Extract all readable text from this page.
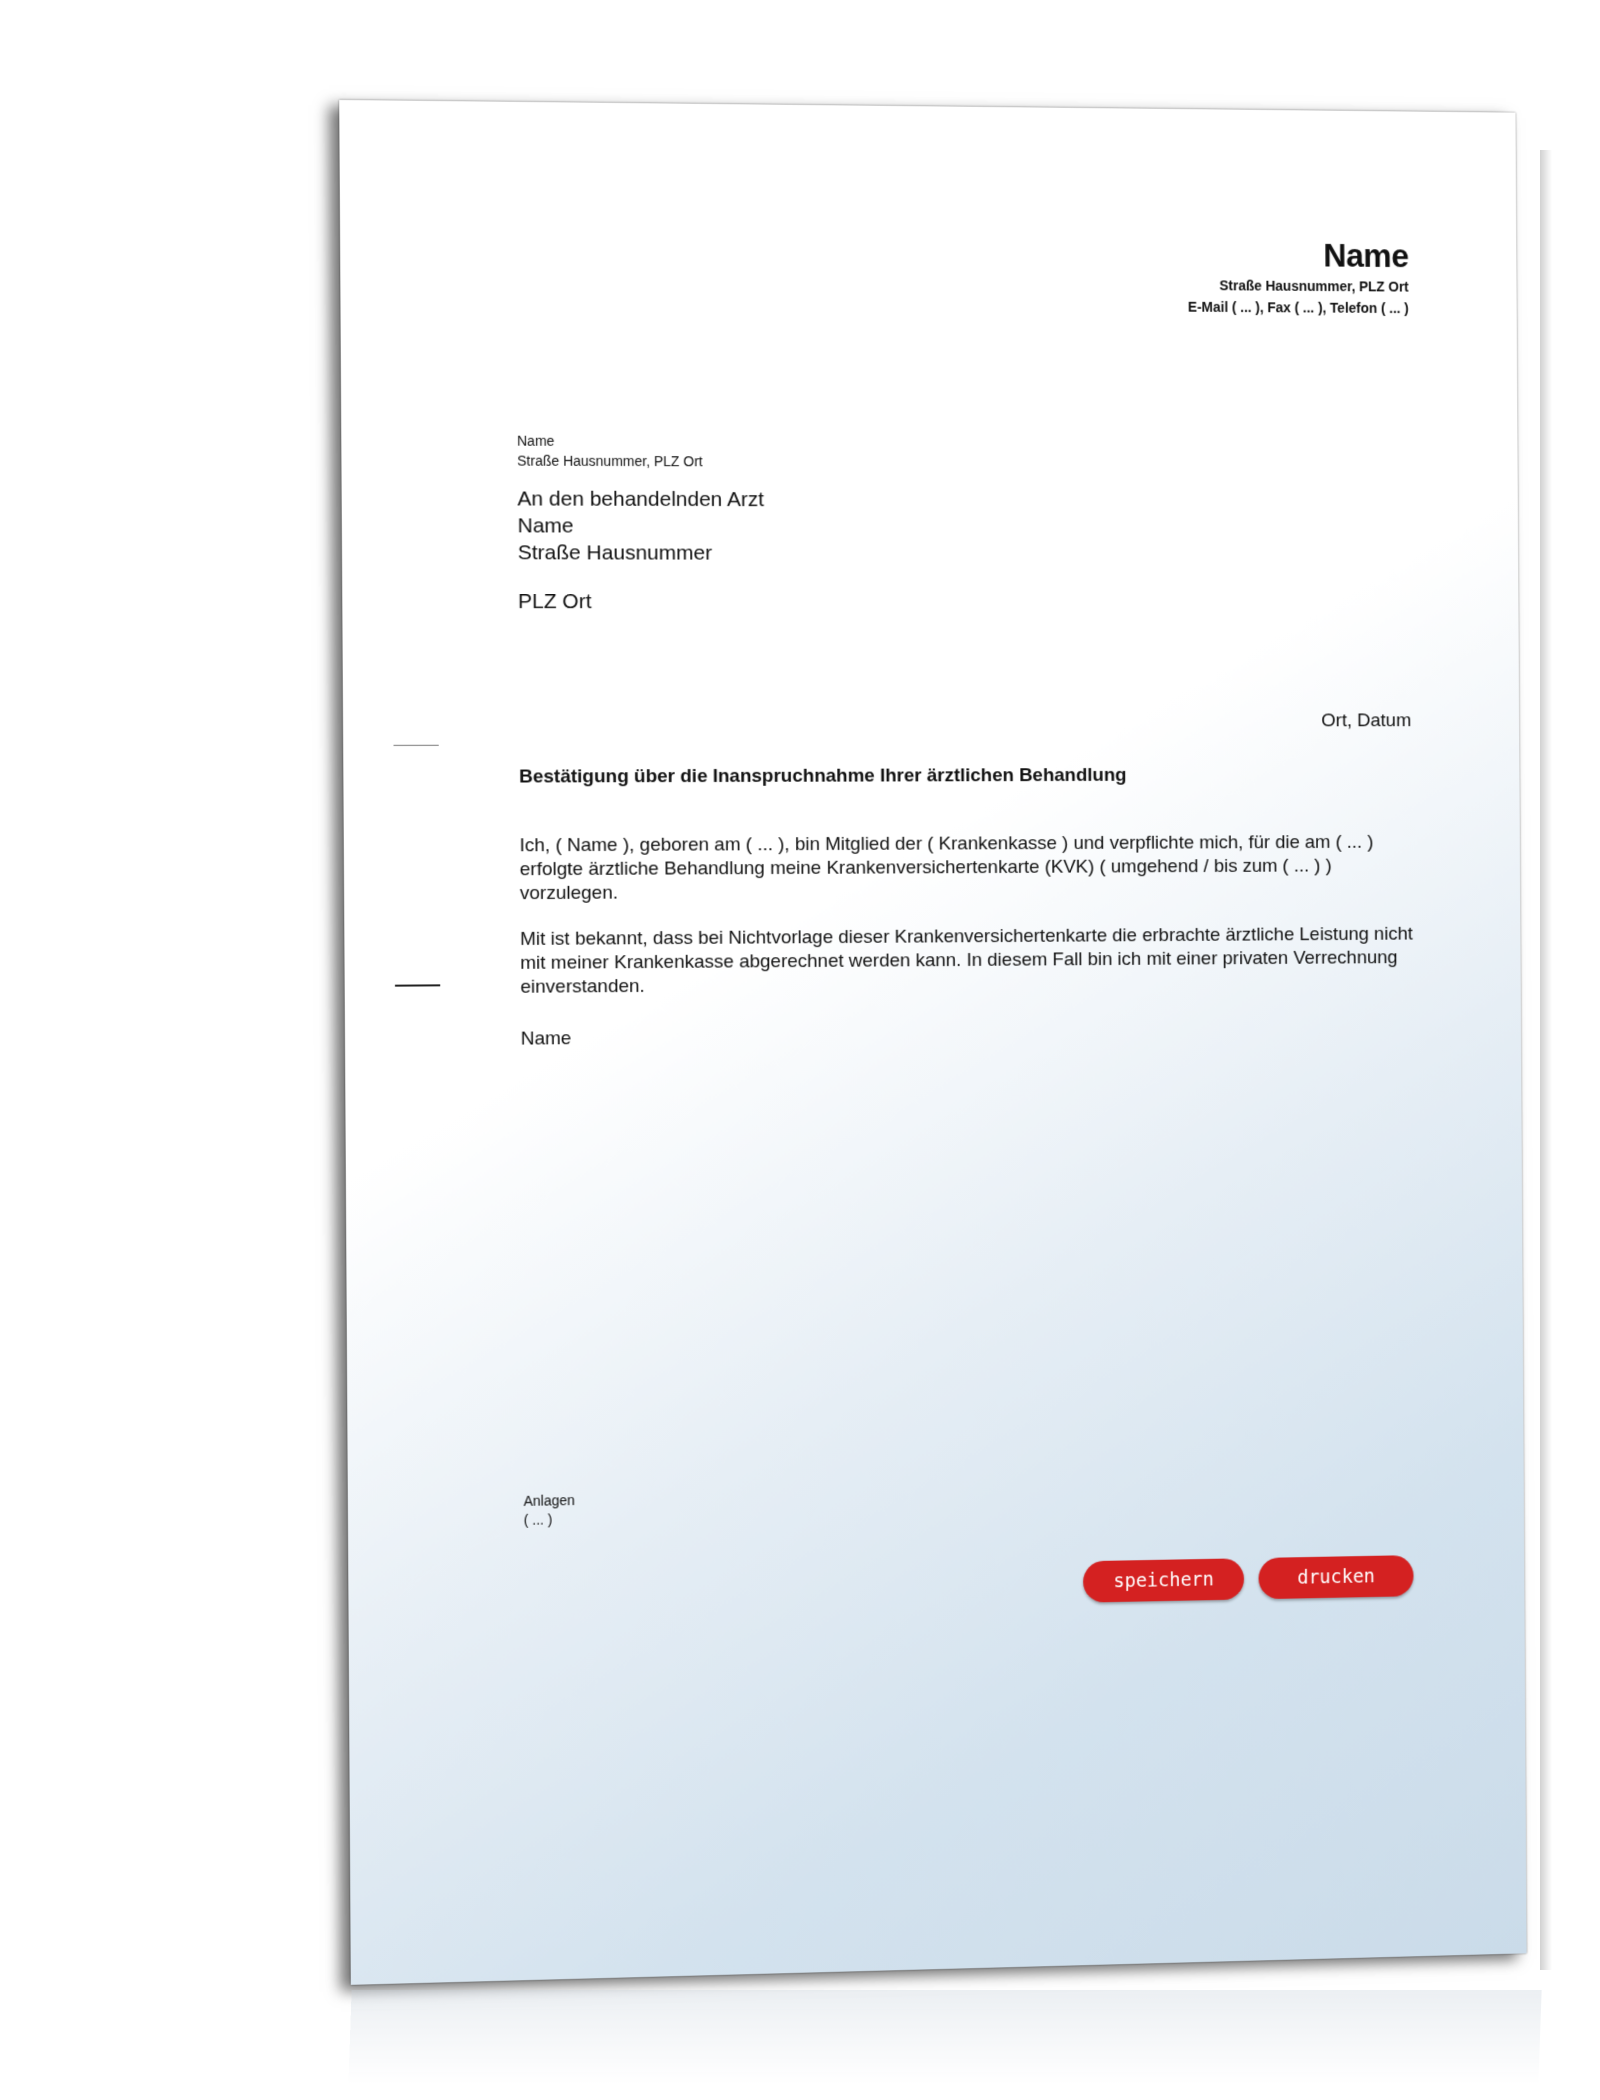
Name
Straße Hausnummer, PLZ Ort
E-Mail ( ... ), Fax ( ... ), Telefon ( ... )
Name
Straße Hausnummer, PLZ Ort
An den behandelnden Arzt
Name
Straße Hausnummer
PLZ Ort
Ort, Datum
Bestätigung über die Inanspruchnahme Ihrer ärztlichen Behandlung

Ich, ( Name ), geboren am ( ... ), bin Mitglied der ( Krankenkasse ) und verpflichte mich, für die am ( ... ) erfolgte ärztliche Behandlung meine Krankenversichertenkarte (KVK) ( umgehend / bis zum ( ... ) ) vorzulegen.

Mit ist bekannt, dass bei Nichtvorlage dieser Krankenversichertenkarte die erbrachte ärztliche Leistung nicht mit meiner Krankenkasse abgerechnet werden kann. In diesem Fall bin ich mit einer privaten Verrechnung einverstanden.

Name
Anlagen
( ... )
speichern	drucken
